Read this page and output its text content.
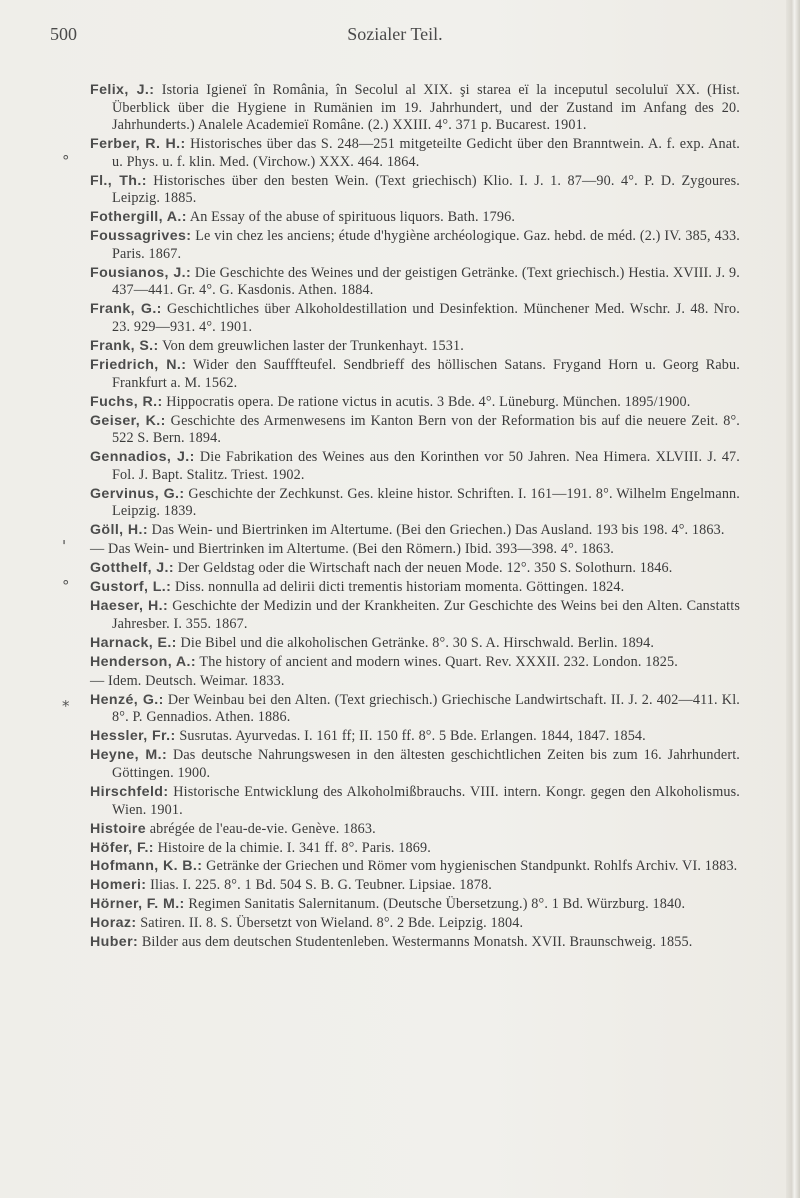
500	Sozialer Teil.
°
'
°
*

Felix, J.: Istoria Igieneï în România, în Secolul al XIX. şi starea eï la inceputul secoluluï XX. (Hist. Überblick über die Hygiene in Rumänien im 19. Jahrhundert, und der Zustand im Anfang des 20. Jahrhunderts.) Analele Academieï Române. (2.) XXIII. 4°. 371 p. Bucarest. 1901.

Ferber, R. H.: Historisches über das S. 248—251 mitgeteilte Gedicht über den Branntwein. A. f. exp. Anat. u. Phys. u. f. klin. Med. (Virchow.) XXX. 464. 1864.

Fl., Th.: Historisches über den besten Wein. (Text griechisch) Klio. I. J. 1. 87—90. 4°. P. D. Zygoures. Leipzig. 1885.

Fothergill, A.: An Essay of the abuse of spirituous liquors. Bath. 1796.

Foussagrives: Le vin chez les anciens; étude d'hygiène archéologique. Gaz. hebd. de méd. (2.) IV. 385, 433. Paris. 1867.

Fousianos, J.: Die Geschichte des Weines und der geistigen Getränke. (Text griechisch.) Hestia. XVIII. J. 9. 437—441. Gr. 4°. G. Kasdonis. Athen. 1884.

Frank, G.: Geschichtliches über Alkoholdestillation und Desinfektion. Münchener Med. Wschr. J. 48. Nro. 23. 929—931. 4°. 1901.

Frank, S.: Von dem greuwlichen laster der Trunkenhayt. 1531.

Friedrich, N.: Wider den Saufffteufel. Sendbrieff des höllischen Satans. Frygand Horn u. Georg Rabu. Frankfurt a. M. 1562.

Fuchs, R.: Hippocratis opera. De ratione victus in acutis. 3 Bde. 4°. Lüneburg. München. 1895/1900.

Geiser, K.: Geschichte des Armenwesens im Kanton Bern von der Reformation bis auf die neuere Zeit. 8°. 522 S. Bern. 1894.

Gennadios, J.: Die Fabrikation des Weines aus den Korinthen vor 50 Jahren. Nea Himera. XLVIII. J. 47. Fol. J. Bapt. Stalitz. Triest. 1902.

Gervinus, G.: Geschichte der Zechkunst. Ges. kleine histor. Schriften. I. 161—191. 8°. Wilhelm Engelmann. Leipzig. 1839.

Göll, H.: Das Wein- und Biertrinken im Altertume. (Bei den Griechen.) Das Ausland. 193 bis 198. 4°. 1863.

— Das Wein- und Biertrinken im Altertume. (Bei den Römern.) Ibid. 393—398. 4°. 1863.

Gotthelf, J.: Der Geldstag oder die Wirtschaft nach der neuen Mode. 12°. 350 S. Solothurn. 1846.

Gustorf, L.: Diss. nonnulla ad delirii dicti trementis historiam momenta. Göttingen. 1824.

Haeser, H.: Geschichte der Medizin und der Krankheiten. Zur Geschichte des Weins bei den Alten. Canstatts Jahresber. I. 355. 1867.

Harnack, E.: Die Bibel und die alkoholischen Getränke. 8°. 30 S. A. Hirschwald. Berlin. 1894.

Henderson, A.: The history of ancient and modern wines. Quart. Rev. XXXII. 232. London. 1825.

— Idem. Deutsch. Weimar. 1833.

Henzé, G.: Der Weinbau bei den Alten. (Text griechisch.) Griechische Landwirtschaft. II. J. 2. 402—411. Kl. 8°. P. Gennadios. Athen. 1886.

Hessler, Fr.: Susrutas. Ayurvedas. I. 161 ff; II. 150 ff. 8°. 5 Bde. Erlangen. 1844, 1847. 1854.

Heyne, M.: Das deutsche Nahrungswesen in den ältesten geschichtlichen Zeiten bis zum 16. Jahrhundert. Göttingen. 1900.

Hirschfeld: Historische Entwicklung des Alkoholmißbrauchs. VIII. intern. Kongr. gegen den Alkoholismus. Wien. 1901.

Histoire abrégée de l'eau-de-vie. Genève. 1863.

Höfer, F.: Histoire de la chimie. I. 341 ff. 8°. Paris. 1869.

Hofmann, K. B.: Getränke der Griechen und Römer vom hygienischen Standpunkt. Rohlfs Archiv. VI. 1883.

Homeri: Ilias. I. 225. 8°. 1 Bd. 504 S. B. G. Teubner. Lipsiae. 1878.

Hörner, F. M.: Regimen Sanitatis Salernitanum. (Deutsche Übersetzung.) 8°. 1 Bd. Würzburg. 1840.

Horaz: Satiren. II. 8. S. Übersetzt von Wieland. 8°. 2 Bde. Leipzig. 1804.

Huber: Bilder aus dem deutschen Studentenleben. Westermanns Monatsh. XVII. Braunschweig. 1855.
